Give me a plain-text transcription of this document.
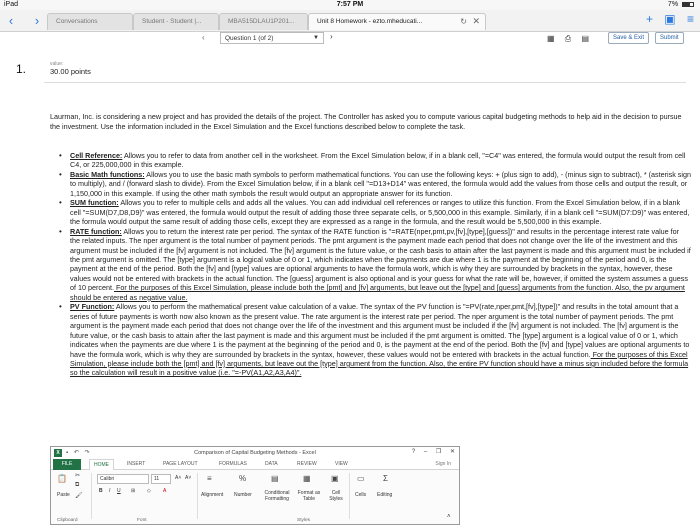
iPad	7:57 PM	7%
‹	›	Conversations	Student - Student |...	MBA515DLAU1P201...	Unit 8 Homework - ezto.mheducati...	↻ ✕	+ ▣ ≡
‹	Question 1 (of 2)	▼ ›	▦ ⎙ ▤	Save & Exit	Submit
1.	value:
30.00 points

Laurman, Inc. is considering a new project and has provided the details of the project. The Controller has asked you to compute various capital budgeting methods to help aid in the decision to pursue the investment. Use the information included in the Excel Simulation and the Excel functions described below to complete the task.

• Cell Reference: Allows you to refer to data from another cell in the worksheet. From the Excel Simulation below, if in a blank cell, "=C4" was entered, the formula would output the result from cell C4, or 225,000,000 in this example.
• Basic Math functions: Allows you to use the basic math symbols to perform mathematical functions. You can use the following keys: + (plus sign to add), - (minus sign to subtract), * (asterisk sign to multiply), and / (forward slash to divide). From the Excel Simulation below, if in a blank cell "=D13+D14" was entered, the formula would add the values from those cells and output the result, or 1,150,000 in this example. If using the other math symbols the result would output an appropriate answer for its function.
• SUM function: Allows you to refer to multiple cells and adds all the values. You can add individual cell references or ranges to utilize this function. From the Excel Simulation below, if in a blank cell "=SUM(D7,D8,D9)" was entered, the formula would output the result of adding those three separate cells, or 5,500,000 in this example. Similarly, if in a blank cell "=SUM(D7:D9)" was entered, the formula would output the same result of adding those cells, except they are expressed as a range in the formula, and the result would be 5,500,000 in this example.
• RATE function: Allows you to return the interest rate per period. The syntax of the RATE function is "=RATE(nper,pmt,pv,[fv],[type],[guess])" and results in the percentage interest rate value for the related inputs. The nper argument is the total number of payment periods. The pmt argument is the payment made each period that does not change over the life of the investment and this argument must be included if the [fv] argument is not included. The [fv] argument is the future value, or the cash basis to attain after the last payment is made and this argument must be included if the pmt argument is omitted. The [type] argument is a logical value of 0 or 1, which indicates when the payments are due where 1 is the payment at the beginning of the period and 0, is the payment at the end of the period. Both the [fv] and [type] values are optional arguments to have the formula work, which is why they are surrounded by brackets in the syntax, however, these values would not be entered with brackets in the actual function. The [guess] argument is also optional and is your guess for what the rate will be, however, if omitted the system assumes a guess of 10 percent. For the purposes of this Excel Simulation, please include both the [pmt] and [fv] arguments, but leave out the [type] and [guess] arguments from the function. Also, the pv argument should be entered as negative value.
• PV Function: Allows you to perform the mathematical present value calculation of a value. The syntax of the PV function is "=PV(rate,nper,pmt,[fv],[type])" and results in the total amount that a series of future payments is worth now also known as the present value. The rate argument is the interest rate per period. The nper argument is the total number of payment periods. The pmt argument is the payment made each period that does not change over the life of the investment and this argument must be included if the [fv] argument is not included. The [fv] argument is the future value, or the cash basis to attain after the last payment is made and this argument must be included if the pmt argument is omitted. The [type] argument is a logical value of 0 or 1, which indicates when the payments are due where 1 is the payment at the beginning of the period and 0, is the payment at the end of the period. Both the [fv] and [type] values are optional arguments to have the formula work, which is why they are surrounded by brackets in the syntax, however, these values would not be entered with brackets in the actual function. For the purposes of this Excel Simulation, please include both the [pmt] and [fv] arguments, but leave out the [type] argument from the function. Also, the entire PV function should have a minus sign included before the formula so the calculation will result in a positive value (i.e. "=-PV(A1,A2,A3,A4)".
X	▪ ↶ ↷	Comparison of Capital Budgeting Methods - Excel	? – ❐ ✕
FILE	HOME	INSERT	PAGE LAYOUT	FORMULAS	DATA	REVIEW	VIEW	Sign In
📋
Paste
✂
⧉
🖌
Clipboard
Calibri	11	A˄ A˅
B I U ⊞ ◇ A
Font
≡
Alignment
%
Number
▤
Conditional Formatting
▦
Format as Table
▣
Cell Styles
Styles
▭
Cells
Σ
Editing
˄
